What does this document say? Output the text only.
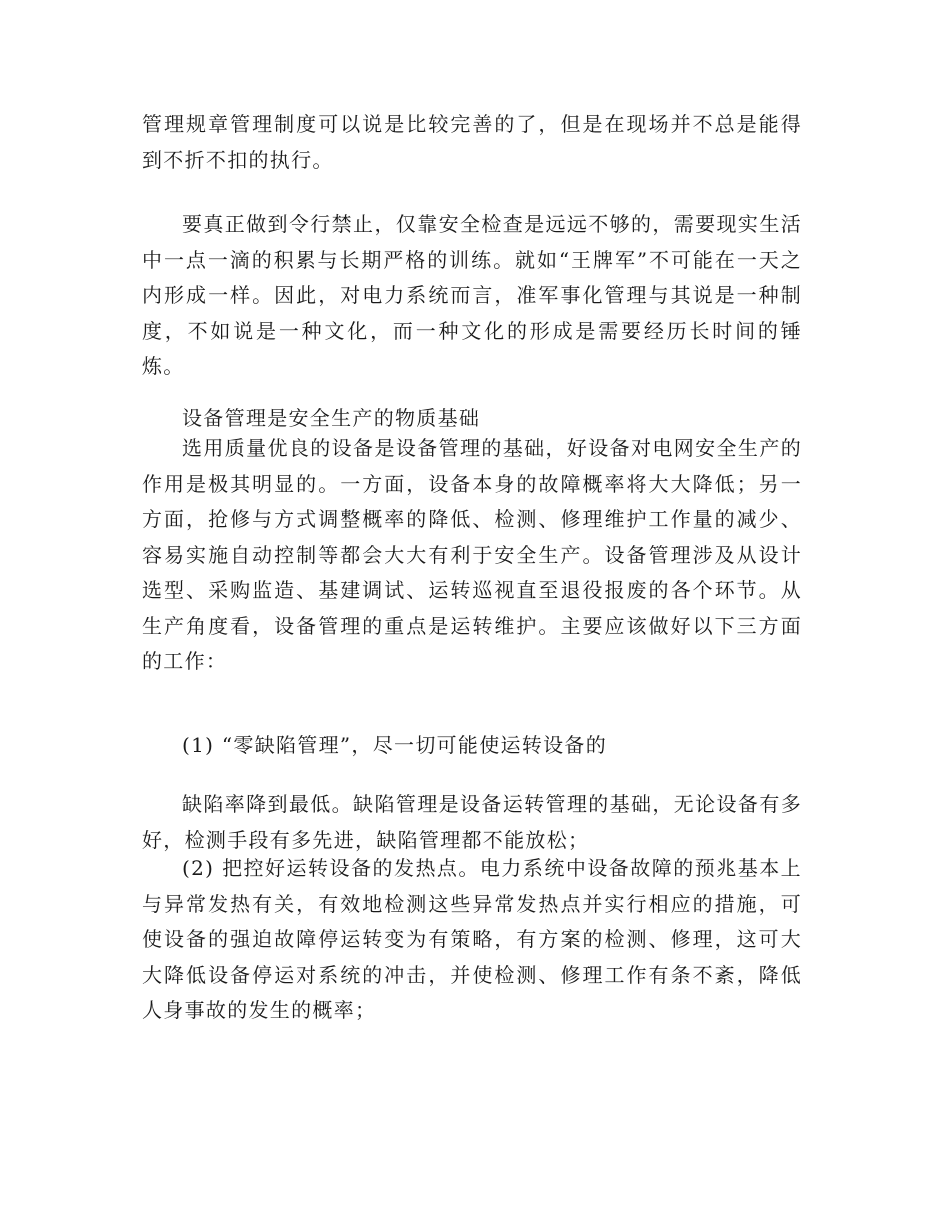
管理规章管理制度可以说是比较完善的了，但是在现场并不总是能得到不折不扣的执行。

要真正做到令行禁止，仅靠安全检查是远远不够的，需要现实生活中一点一滴的积累与长期严格的训练。就如“王牌军”不可能在一天之内形成一样。因此，对电力系统而言，准军事化管理与其说是一种制度，不如说是一种文化，而一种文化的形成是需要经历长时间的锤炼。

设备管理是安全生产的物质基础

选用质量优良的设备是设备管理的基础，好设备对电网安全生产的作用是极其明显的。一方面，设备本身的故障概率将大大降低；另一方面，抢修与方式调整概率的降低、检测、修理维护工作量的减少、容易实施自动控制等都会大大有利于安全生产。设备管理涉及从设计选型、采购监造、基建调试、运转巡视直至退役报废的各个环节。从生产角度看，设备管理的重点是运转维护。主要应该做好以下三方面的工作：

(1) “零缺陷管理”，尽一切可能使运转设备的

缺陷率降到最低。缺陷管理是设备运转管理的基础，无论设备有多好，检测手段有多先进，缺陷管理都不能放松；

(2) 把控好运转设备的发热点。电力系统中设备故障的预兆基本上与异常发热有关，有效地检测这些异常发热点并实行相应的措施，可使设备的强迫故障停运转变为有策略，有方案的检测、修理，这可大大降低设备停运对系统的冲击，并使检测、修理工作有条不紊，降低人身事故的发生的概率；
